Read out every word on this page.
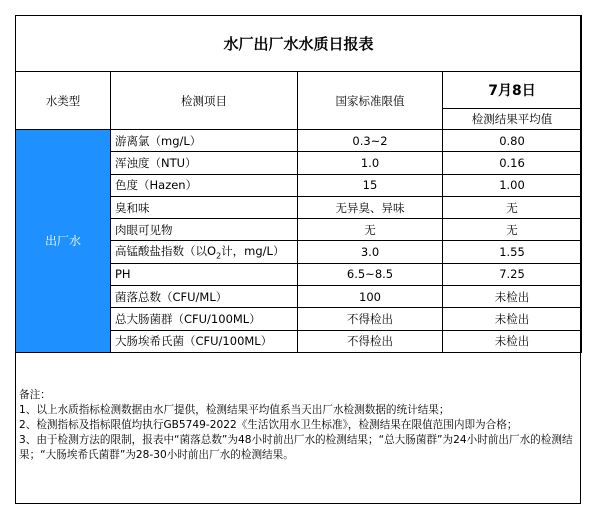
水厂出厂水水质日报表			
水类型	检测项目	国家标准限值	7月8日
			检测结果平均值
出厂水	游离氯（mg/L）	0.3~2	0.80
	浑浊度（NTU）	1.0	0.16
	色度（Hazen）	15	1.00
	臭和味	无异臭、异味	无
	肉眼可见物	无	无
	高锰酸盐指数（以$O_2$计，mg/L）	3.0	1.55
	PH	6.5~8.5	7.25
	菌落总数（CFU/ML）	100	未检出
	总大肠菌群（CFU/100ML）	不得检出	未检出
	大肠埃希氏菌（CFU/100ML）	不得检出	未检出

备注：

1、以上水质指标检测数据由水厂提供，检测结果平均值系当天出厂水检测数据的统计结果；

2、检测指标及指标限值均执行GB5749-2022《生活饮用水卫生标准》，检测结果在限值范围内即为合格；

3、由于检测方法的限制，报表中“菌落总数”为48小时前出厂水的检测结果；“总大肠菌群”为24小时前出厂水的检测结果；“大肠埃希氏菌群”为28-30小时前出厂水的检测结果。
